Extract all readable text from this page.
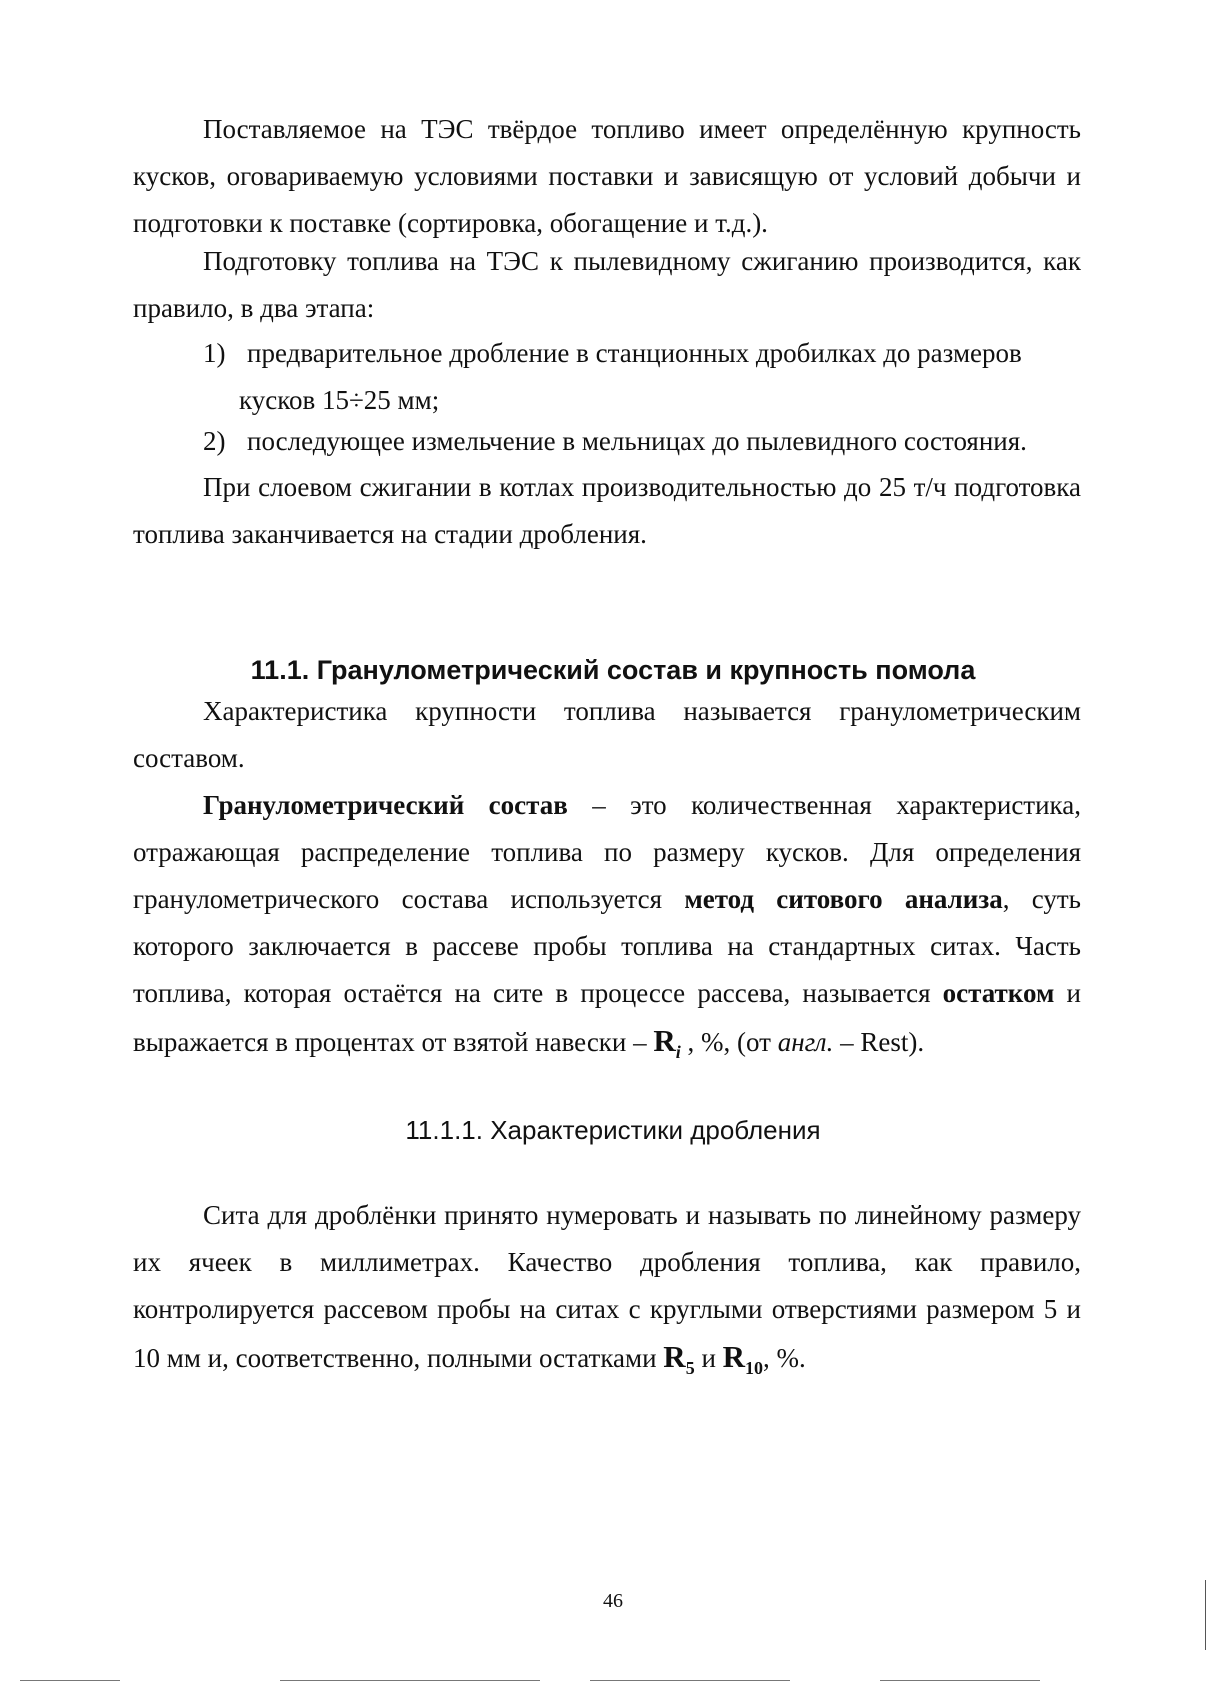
Поставляемое на ТЭС твёрдое топливо имеет определённую крупность кусков, оговариваемую условиями поставки и зависящую от условий добычи и подготовки к поставке (сортировка, обогащение и т.д.).

Подготовку топлива на ТЭС к пылевидному сжиганию производится, как правило, в два этапа:

1) предварительное дробление в станционных дробилках до размеров
кусков 15÷25 мм;
2) последующее измельчение в мельницах до пылевидного состояния.

При слоевом сжигании в котлах производительностью до 25 т/ч подготовка топлива заканчивается на стадии дробления.

11.1. Гранулометрический состав и крупность помола

Характеристика крупности топлива называется гранулометрическим составом.

Гранулометрический состав – это количественная характеристика, отражающая распределение топлива по размеру кусков. Для определения гранулометрического состава используется метод ситового анализа, суть которого заключается в рассеве пробы топлива на стандартных ситах. Часть топлива, которая остаётся на сите в процессе рассева, называется остатком и выражается в процентах от взятой навески – $R_i$ , %, (от англ. – Rest).

11.1.1. Характеристики дробления

Сита для дроблёнки принято нумеровать и называть по линейному размеру их ячеек в миллиметрах. Качество дробления топлива, как правило, контролируется рассевом пробы на ситах с круглыми отверстиями размером 5 и 10 мм и, соответственно, полными остатками $R_5$ и $R_{10}$, %.

46
